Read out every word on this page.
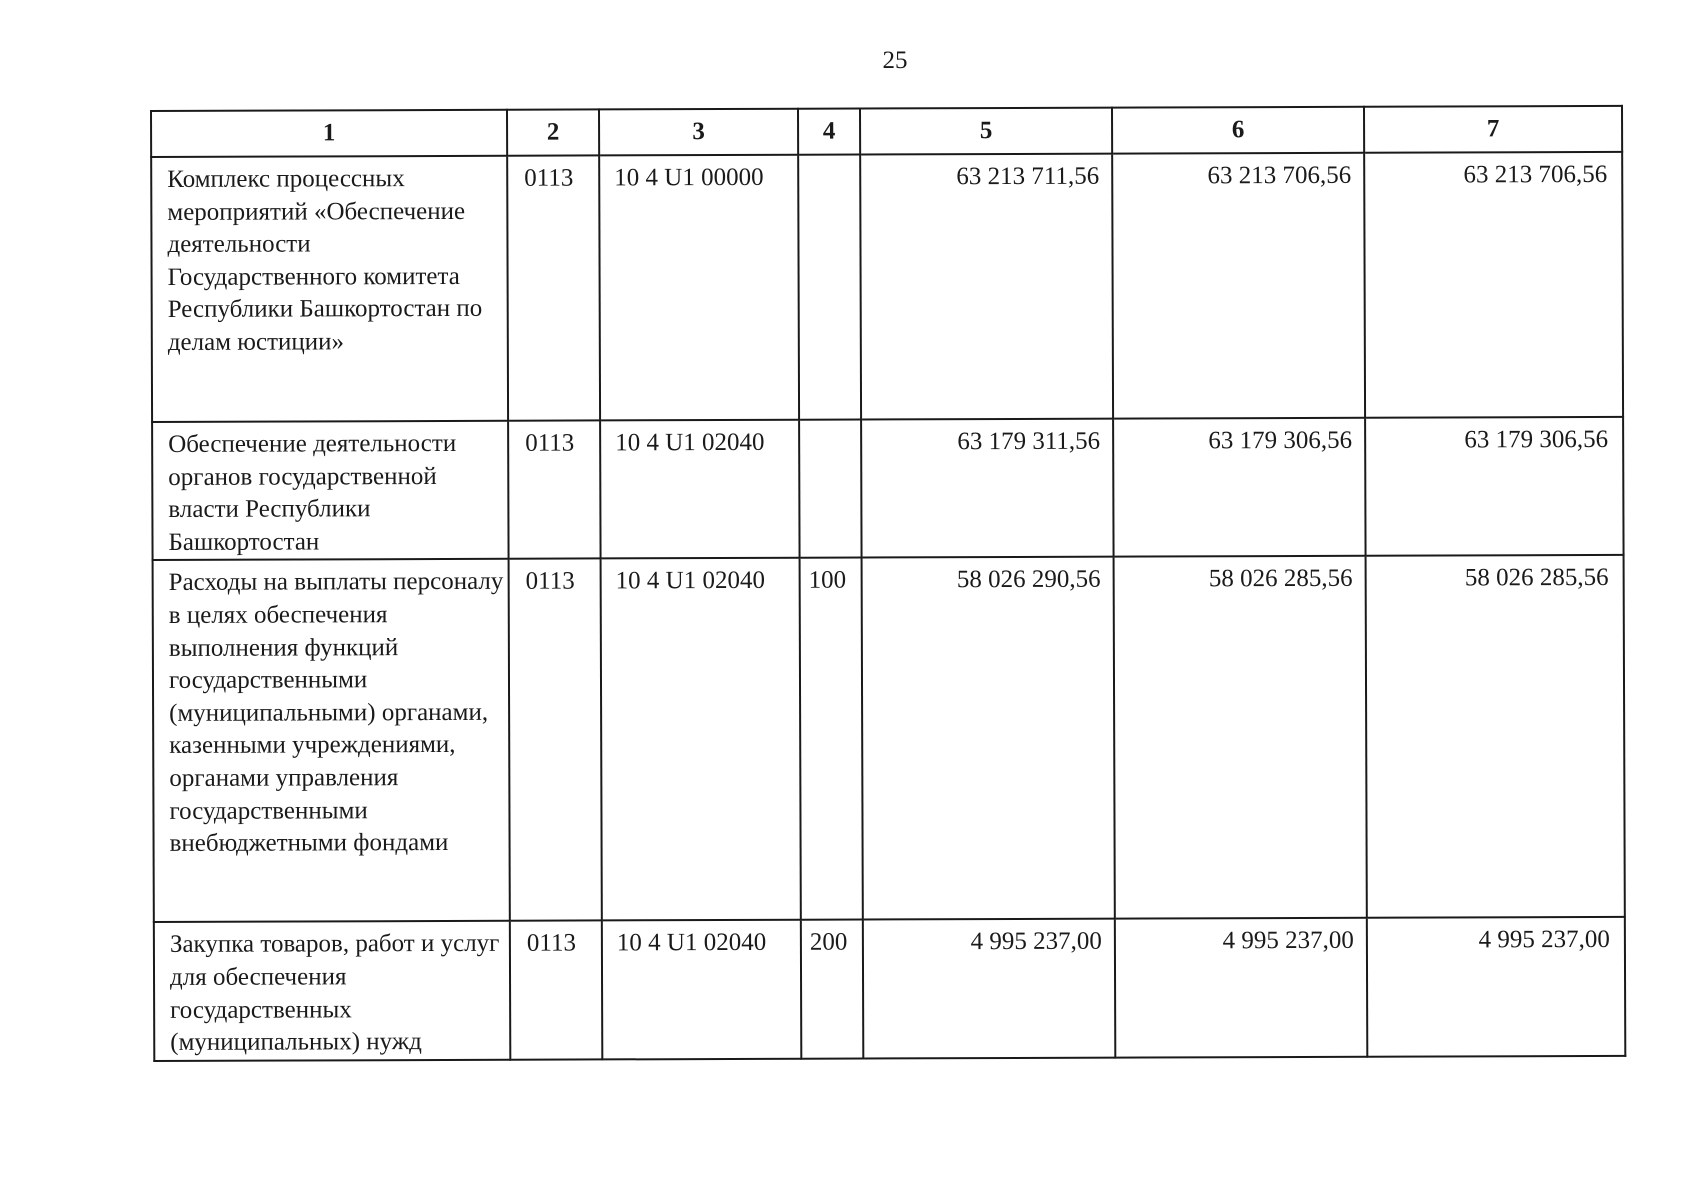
25
1	2	3	4	5	6	7

Комплекс процессных мероприятий «Обеспечение деятельности Государственного комитета Республики Башкортостан по делам юстиции»	0113	10 4 U1 00000		63 213 711,56	63 213 706,56	63 213 706,56

Обеспечение деятельности органов государственной власти Республики Башкортостан	0113	10 4 U1 02040		63 179 311,56	63 179 306,56	63 179 306,56

Расходы на выплаты персоналу в целях обеспечения выполнения функций государственными (муниципальными) органами, казенными учреждениями, органами управления государственными внебюджетными фондами	0113	10 4 U1 02040	100	58 026 290,56	58 026 285,56	58 026 285,56

Закупка товаров, работ и услуг для обеспечения государственных (муниципальных) нужд	0113	10 4 U1 02040	200	4 995 237,00	4 995 237,00	4 995 237,00
